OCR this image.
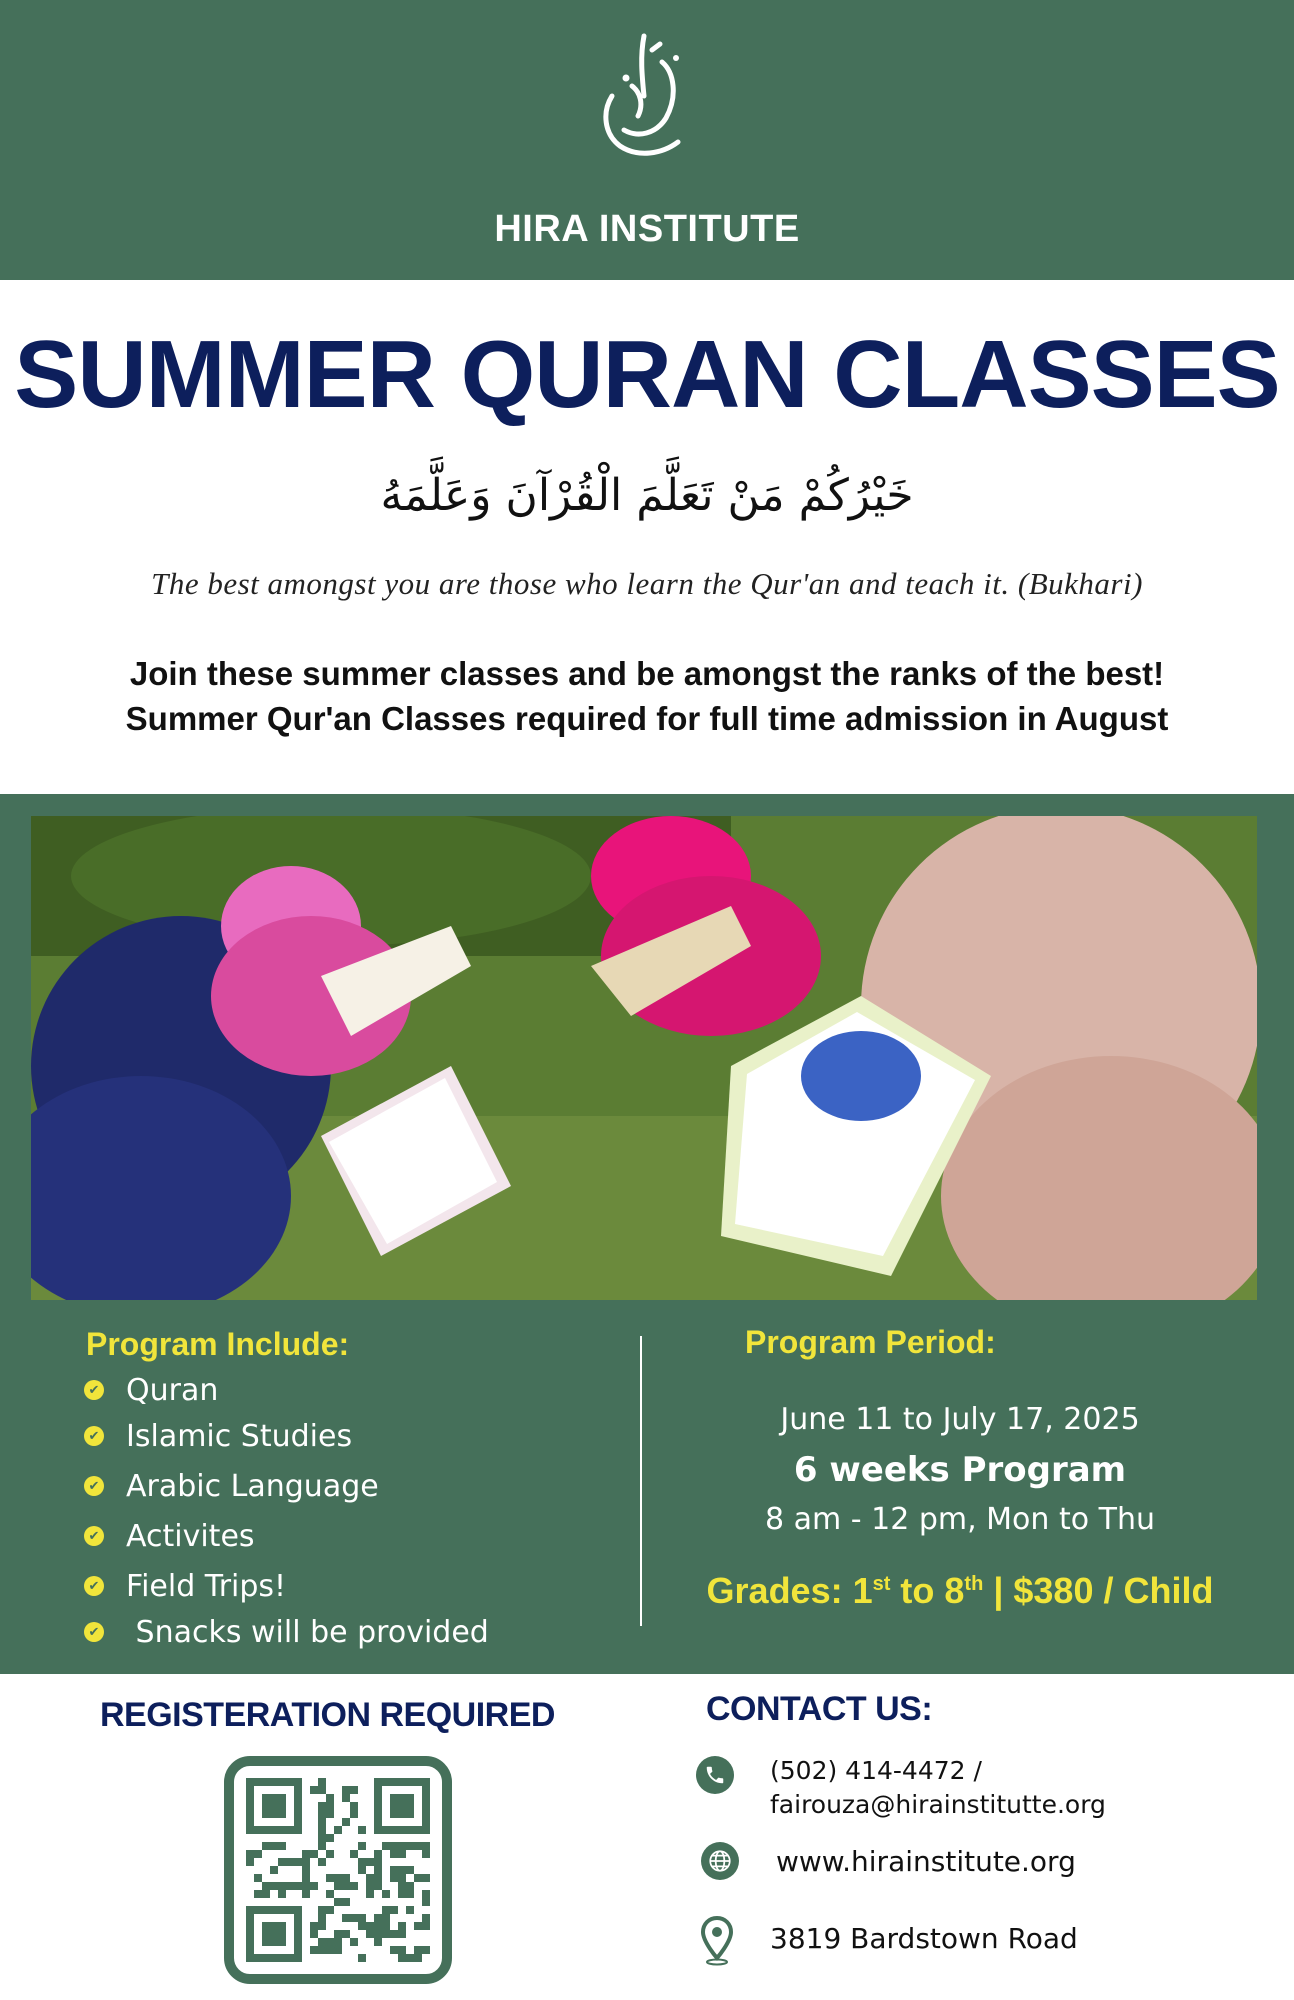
HIRA INSTITUTE
SUMMER QURAN CLASSES
خَيْرُكُمْ مَنْ تَعَلَّمَ الْقُرْآنَ وَعَلَّمَهُ
The best amongst you are those who learn the Qur'an and teach it. (Bukhari)
Join these summer classes and be amongst the ranks of the best!
Summer Qur'an Classes required for full time admission in August
Program Include:
✔ Quran
✔ Islamic Studies
✔ Arabic Language
✔ Activites
✔ Field Trips!
✔ Snacks will be provided
Program Period:
June 11 to July 17, 2025
6 weeks Program
8 am - 12 pm, Mon to Thu
Grades: 1st to 8th | $380 / Child
REGISTERATION REQUIRED	CONTACT US:
(502) 414-4472 /
fairouza@hirainstitutte.org
www.hirainstitute.org
3819 Bardstown Road
